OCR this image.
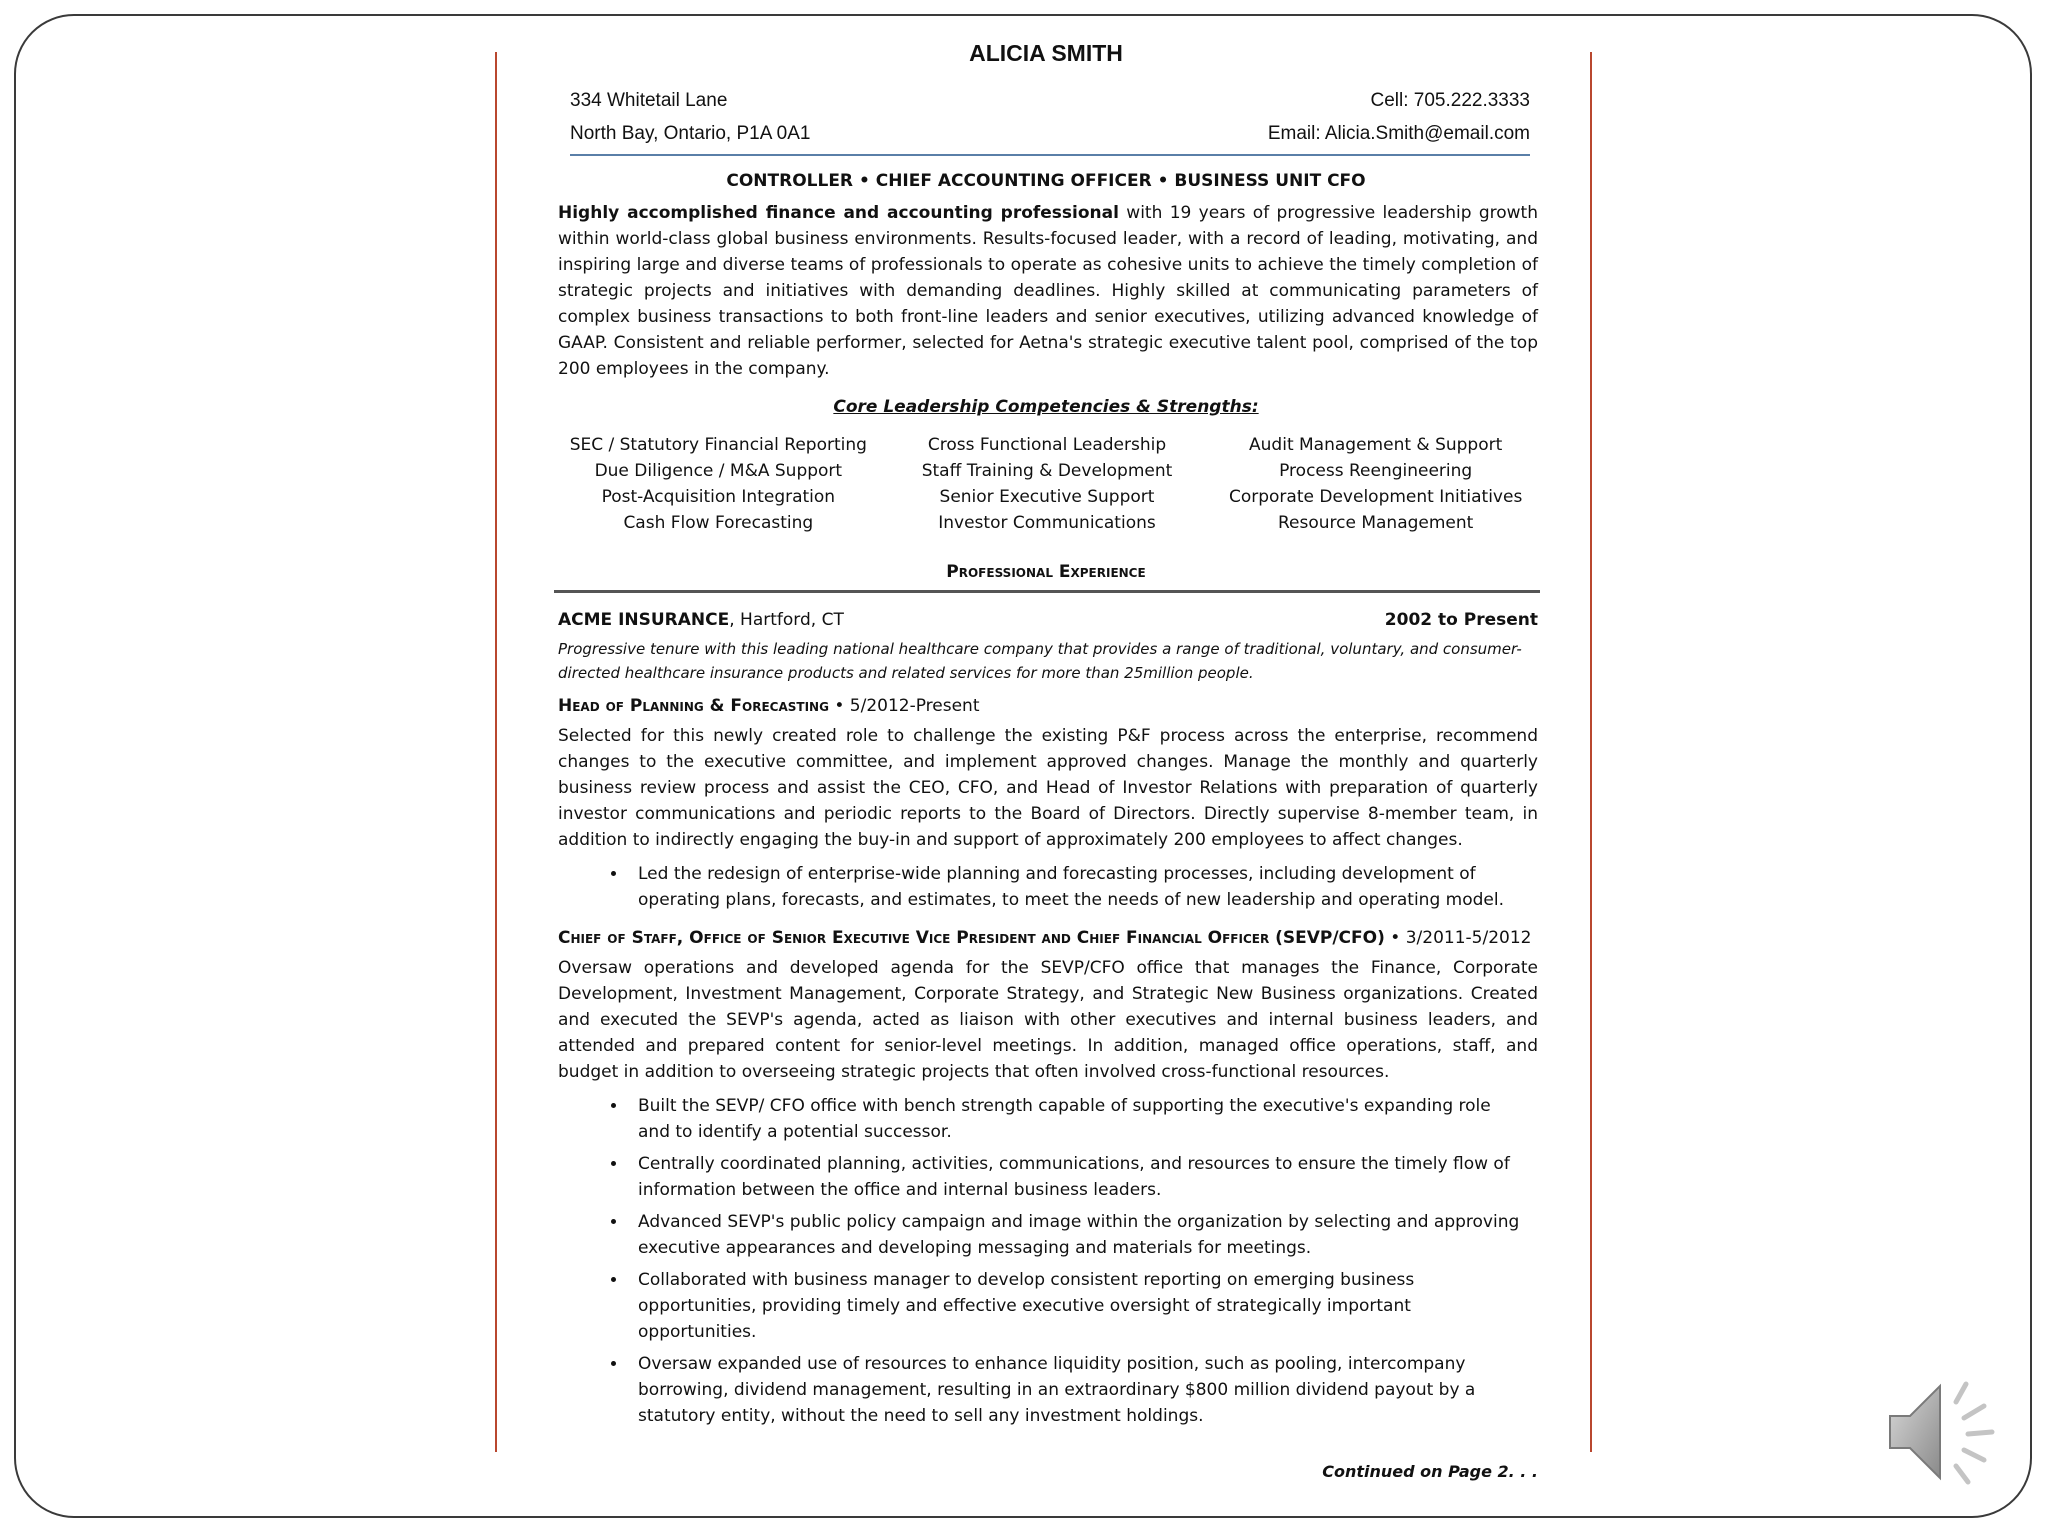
ALICIA SMITH
334 Whitetail Lane
North Bay, Ontario, P1A 0A1
Cell: 705.222.3333
Email: Alicia.Smith@email.com
CONTROLLER • CHIEF ACCOUNTING OFFICER • BUSINESS UNIT CFO
Highly accomplished finance and accounting professional with 19 years of progressive leadership growth within world-class global business environments. Results-focused leader, with a record of leading, motivating, and inspiring large and diverse teams of professionals to operate as cohesive units to achieve the timely completion of strategic projects and initiatives with demanding deadlines. Highly skilled at communicating parameters of complex business transactions to both front-line leaders and senior executives, utilizing advanced knowledge of GAAP. Consistent and reliable performer, selected for Aetna's strategic executive talent pool, comprised of the top 200 employees in the company.
Core Leadership Competencies & Strengths:
SEC / Statutory Financial Reporting	Cross Functional Leadership	Audit Management & Support
Due Diligence / M&A Support	Staff Training & Development	Process Reengineering
Post-Acquisition Integration	Senior Executive Support	Corporate Development Initiatives
Cash Flow Forecasting	Investor Communications	Resource Management
Professional Experience
ACME INSURANCE, Hartford, CT	2002 to Present
Progressive tenure with this leading national healthcare company that provides a range of traditional, voluntary, and consumer- directed healthcare insurance products and related services for more than 25million people.
Head of Planning & Forecasting • 5/2012-Present
Selected for this newly created role to challenge the existing P&F process across the enterprise, recommend changes to the executive committee, and implement approved changes. Manage the monthly and quarterly business review process and assist the CEO, CFO, and Head of Investor Relations with preparation of quarterly investor communications and periodic reports to the Board of Directors. Directly supervise 8-member team, in addition to indirectly engaging the buy-in and support of approximately 200 employees to affect changes.
• Led the redesign of enterprise-wide planning and forecasting processes, including development of operating plans, forecasts, and estimates, to meet the needs of new leadership and operating model.
Chief of Staff, Office of Senior Executive Vice President and Chief Financial Officer (SEVP/CFO) • 3/2011-5/2012
Oversaw operations and developed agenda for the SEVP/CFO office that manages the Finance, Corporate Development, Investment Management, Corporate Strategy, and Strategic New Business organizations. Created and executed the SEVP's agenda, acted as liaison with other executives and internal business leaders, and attended and prepared content for senior-level meetings. In addition, managed office operations, staff, and budget in addition to overseeing strategic projects that often involved cross-functional resources.
• Built the SEVP/ CFO office with bench strength capable of supporting the executive's expanding role and to identify a potential successor.
• Centrally coordinated planning, activities, communications, and resources to ensure the timely flow of information between the office and internal business leaders.
• Advanced SEVP's public policy campaign and image within the organization by selecting and approving executive appearances and developing messaging and materials for meetings.
• Collaborated with business manager to develop consistent reporting on emerging business opportunities, providing timely and effective executive oversight of strategically important opportunities.
• Oversaw expanded use of resources to enhance liquidity position, such as pooling, intercompany borrowing, dividend management, resulting in an extraordinary $800 million dividend payout by a statutory entity, without the need to sell any investment holdings.
Continued on Page 2. . .
